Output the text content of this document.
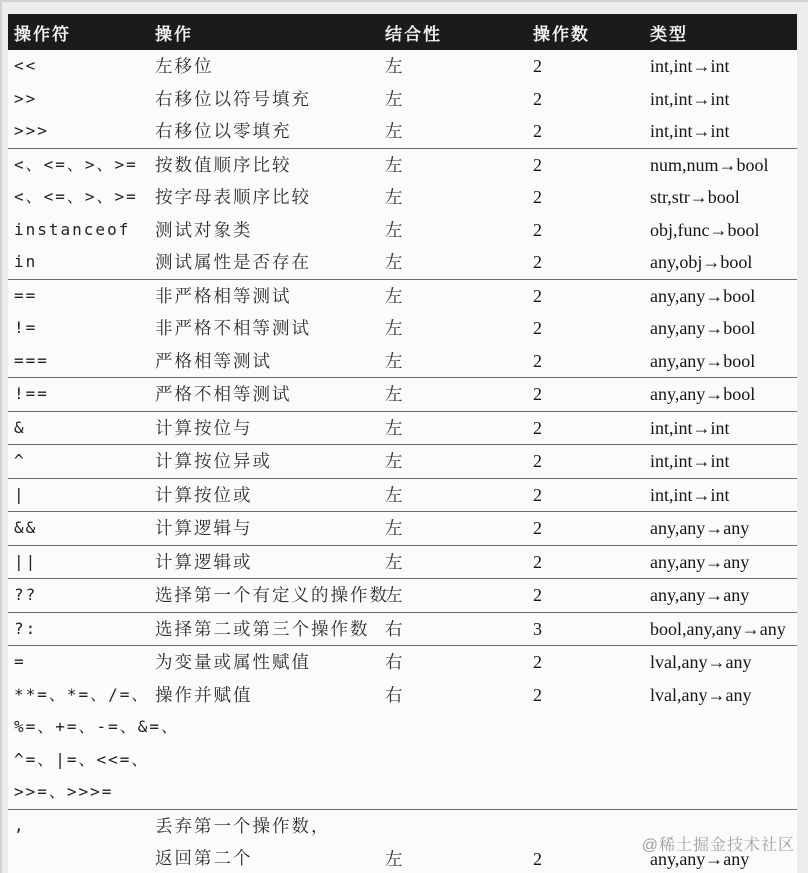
操作符	操作	结合性	操作数	类型

<<	左移位	左	2	int,int→int

>>	右移位以符号填充	左	2	int,int→int

>>>	右移位以零填充	左	2	int,int→int

<、<=、>、>=	按数值顺序比较	左	2	num,num→bool

<、<=、>、>=	按字母表顺序比较	左	2	str,str→bool

instanceof	测试对象类	左	2	obj,func→bool

in	测试属性是否存在	左	2	any,obj→bool

==	非严格相等测试	左	2	any,any→bool

!=	非严格不相等测试	左	2	any,any→bool

===	严格相等测试	左	2	any,any→bool

!==	严格不相等测试	左	2	any,any→bool

&	计算按位与	左	2	int,int→int

^	计算按位异或	左	2	int,int→int

|	计算按位或	左	2	int,int→int

&&	计算逻辑与	左	2	any,any→any

||	计算逻辑或	左	2	any,any→any

??	选择第一个有定义的操作数	左	2	any,any→any

?:	选择第二或第三个操作数	右	3	bool,any,any→any

=	为变量或属性赋值	右	2	lval,any→any

**=、*=、/=、
%=、+=、-=、&=、
^=、|=、<<=、
>>=、>>>=	操作并赋值	右	2	lval,any→any

,	丢弃第一个操作数，
返回第二个	左	2	any,any→any
@稀土掘金技术社区
